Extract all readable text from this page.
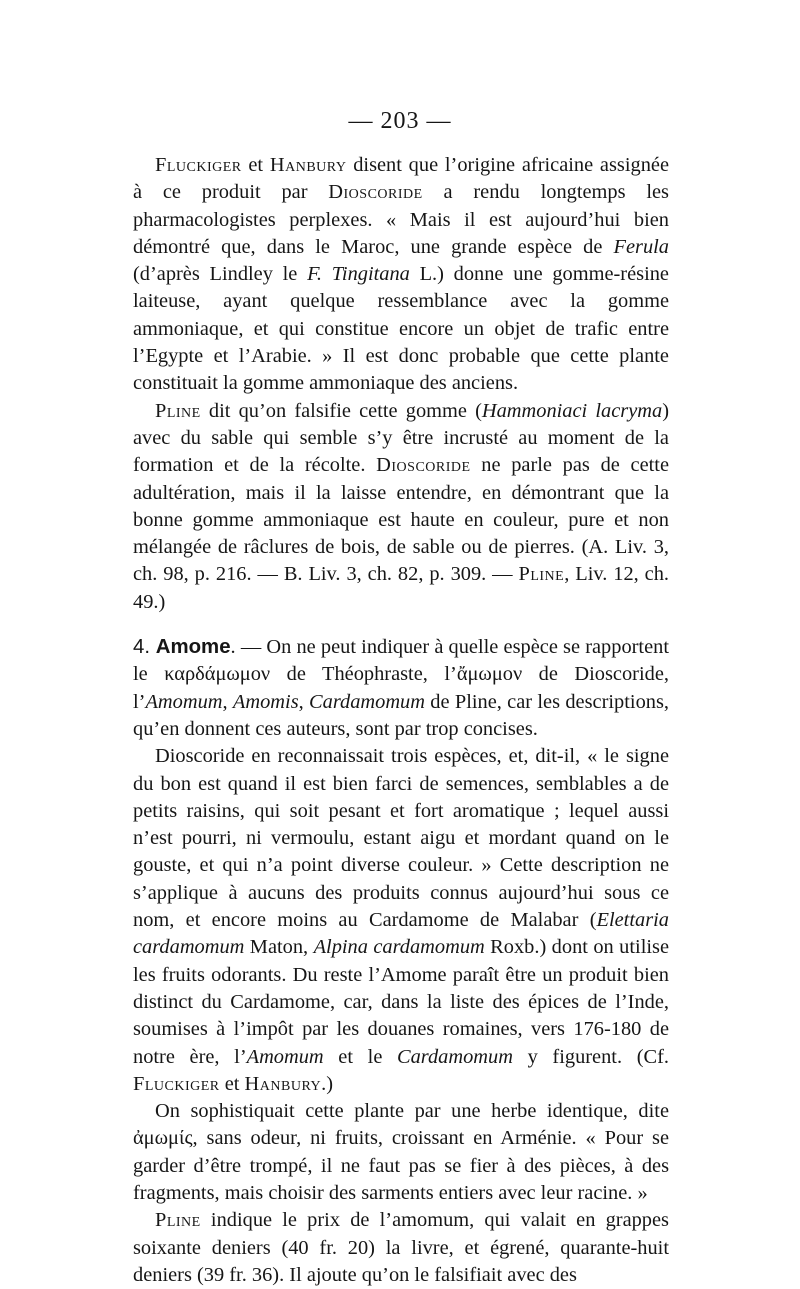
— 203 —

Fluckiger et Hanbury disent que l’origine africaine assignée à ce produit par Dioscoride a rendu longtemps les pharmacologistes perplexes. « Mais il est aujourd’hui bien démontré que, dans le Maroc, une grande espèce de Ferula (d’après Lindley le F. Tingitana L.) donne une gomme-résine laiteuse, ayant quelque ressemblance avec la gomme ammoniaque, et qui constitue encore un objet de trafic entre l’Egypte et l’Arabie. » Il est donc probable que cette plante constituait la gomme ammoniaque des anciens.

Pline dit qu’on falsifie cette gomme (Hammoniaci lacryma) avec du sable qui semble s’y être incrusté au moment de la formation et de la récolte. Dioscoride ne parle pas de cette adultération, mais il la laisse entendre, en démontrant que la bonne gomme ammoniaque est haute en couleur, pure et non mélangée de râclures de bois, de sable ou de pierres. (A. Liv. 3, ch. 98, p. 216. — B. Liv. 3, ch. 82, p. 309. — Pline, Liv. 12, ch. 49.)

4. Amome. — On ne peut indiquer à quelle espèce se rapportent le καρδάμωμον de Théophraste, l’ἄμωμον de Dioscoride, l’Amomum, Amomis, Cardamomum de Pline, car les descriptions, qu’en donnent ces auteurs, sont par trop concises.

Dioscoride en reconnaissait trois espèces, et, dit-il, « le signe du bon est quand il est bien farci de semences, semblables a de petits raisins, qui soit pesant et fort aromatique ; lequel aussi n’est pourri, ni vermoulu, estant aigu et mordant quand on le gouste, et qui n’a point diverse couleur. » Cette description ne s’applique à aucuns des produits connus aujourd’hui sous ce nom, et encore moins au Cardamome de Malabar (Elettaria cardamomum Maton, Alpina cardamomum Roxb.) dont on utilise les fruits odorants. Du reste l’Amome paraît être un produit bien distinct du Cardamome, car, dans la liste des épices de l’Inde, soumises à l’impôt par les douanes romaines, vers 176-180 de notre ère, l’Amomum et le Cardamomum y figurent. (Cf. Fluckiger et Hanbury.)

On sophistiquait cette plante par une herbe identique, dite ἀμωμίς, sans odeur, ni fruits, croissant en Arménie. « Pour se garder d’être trompé, il ne faut pas se fier à des pièces, à des fragments, mais choisir des sarments entiers avec leur racine. »

Pline indique le prix de l’amomum, qui valait en grappes soixante deniers (40 fr. 20) la livre, et égrené, quarante-huit deniers (39 fr. 36). Il ajoute qu’on le falsifiait avec des
